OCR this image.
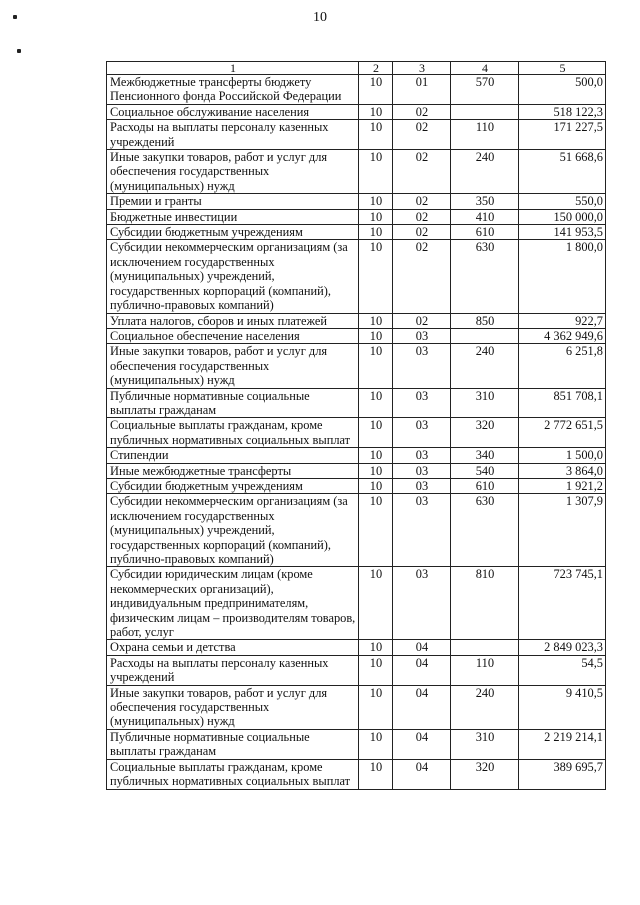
10
1	2	3	4	5
Межбюджетные трансферты бюджету Пенсионного фонда Российской Федерации	10	01	570	500,0
Социальное обслуживание населения	10	02		518 122,3
Расходы на выплаты персоналу казенных учреждений	10	02	110	171 227,5
Иные закупки товаров, работ и услуг для обеспечения государственных (муниципальных) нужд	10	02	240	51 668,6
Премии и гранты	10	02	350	550,0
Бюджетные инвестиции	10	02	410	150 000,0
Субсидии бюджетным учреждениям	10	02	610	141 953,5
Субсидии некоммерческим организациям (за исключением государственных (муниципальных) учреждений, государственных корпораций (компаний), публично-правовых компаний)	10	02	630	1 800,0
Уплата налогов, сборов и иных платежей	10	02	850	922,7
Социальное обеспечение населения	10	03		4 362 949,6
Иные закупки товаров, работ и услуг для обеспечения государственных (муниципальных) нужд	10	03	240	6 251,8
Публичные нормативные социальные выплаты гражданам	10	03	310	851 708,1
Социальные выплаты гражданам, кроме публичных нормативных социальных выплат	10	03	320	2 772 651,5
Стипендии	10	03	340	1 500,0
Иные межбюджетные трансферты	10	03	540	3 864,0
Субсидии бюджетным учреждениям	10	03	610	1 921,2
Субсидии некоммерческим организациям (за исключением государственных (муниципальных) учреждений, государственных корпораций (компаний), публично-правовых компаний)	10	03	630	1 307,9
Субсидии юридическим лицам (кроме некоммерческих организаций), индивидуальным предпринимателям, физическим лицам – производителям товаров, работ, услуг	10	03	810	723 745,1
Охрана семьи и детства	10	04		2 849 023,3
Расходы на выплаты персоналу казенных учреждений	10	04	110	54,5
Иные закупки товаров, работ и услуг для обеспечения государственных (муниципальных) нужд	10	04	240	9 410,5
Публичные нормативные социальные выплаты гражданам	10	04	310	2 219 214,1
Социальные выплаты гражданам, кроме публичных нормативных социальных выплат	10	04	320	389 695,7
